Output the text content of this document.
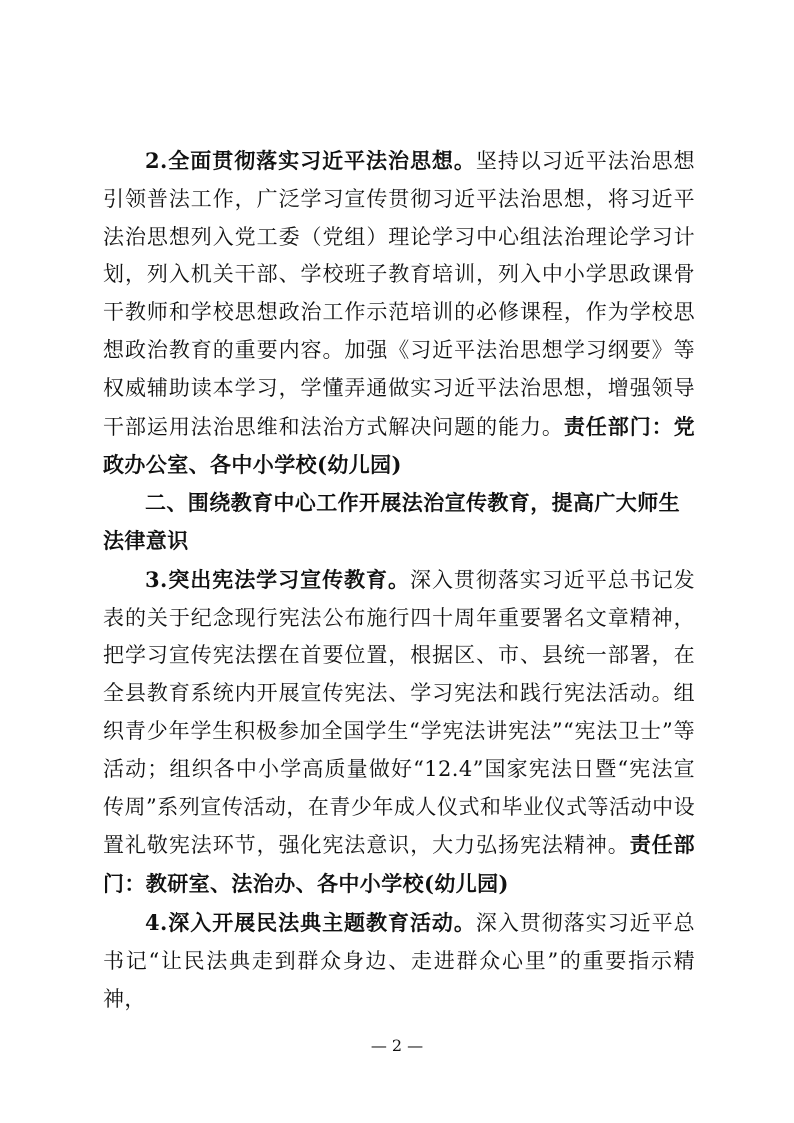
2.全面贯彻落实习近平法治思想。坚持以习近平法治思想引领普法工作，广泛学习宣传贯彻习近平法治思想，将习近平法治思想列入党工委（党组）理论学习中心组法治理论学习计划，列入机关干部、学校班子教育培训，列入中小学思政课骨干教师和学校思想政治工作示范培训的必修课程，作为学校思想政治教育的重要内容。加强《习近平法治思想学习纲要》等权威辅助读本学习，学懂弄通做实习近平法治思想，增强领导干部运用法治思维和法治方式解决问题的能力。责任部门：党政办公室、各中小学校(幼儿园)

二、围绕教育中心工作开展法治宣传教育，提高广大师生法律意识

3.突出宪法学习宣传教育。深入贯彻落实习近平总书记发表的关于纪念现行宪法公布施行四十周年重要署名文章精神，把学习宣传宪法摆在首要位置，根据区、市、县统一部署，在全县教育系统内开展宣传宪法、学习宪法和践行宪法活动。组织青少年学生积极参加全国学生“学宪法讲宪法”“宪法卫士”等活动；组织各中小学高质量做好“12.4”国家宪法日暨“宪法宣传周”系列宣传活动，在青少年成人仪式和毕业仪式等活动中设置礼敬宪法环节，强化宪法意识，大力弘扬宪法精神。责任部门：教研室、法治办、各中小学校(幼儿园)

4.深入开展民法典主题教育活动。深入贯彻落实习近平总书记“让民法典走到群众身边、走进群众心里”的重要指示精神，

— 2 —
